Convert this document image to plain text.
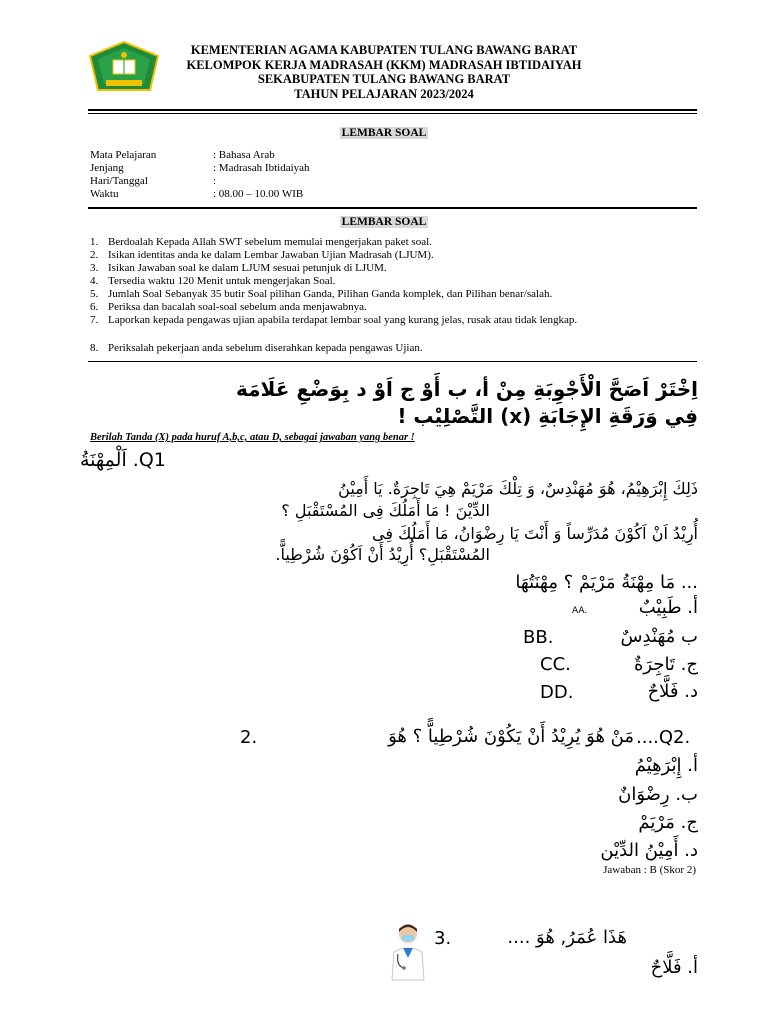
KEMENTERIAN AGAMA KABUPATEN TULANG BAWANG BARAT
KELOMPOK KERJA MADRASAH (KKM) MADRASAH IBTIDAIYAH
SEKABUPATEN TULANG BAWANG BARAT
TAHUN PELAJARAN 2023/2024
LEMBAR SOAL
Mata Pelajaran	: Bahasa Arab
Jenjang	: Madrasah Ibtidaiyah
Hari/Tanggal	:
Waktu	: 08.00 – 10.00 WIB
LEMBAR SOAL
1. Berdoalah Kepada Allah SWT sebelum memulai mengerjakan paket soal.
2. Isikan identitas anda ke dalam Lembar Jawaban Ujian Madrasah (LJUM).
3. Isikan Jawaban soal ke dalam LJUM sesuai petunjuk di LJUM.
4. Tersedia waktu 120 Menit untuk mengerjakan Soal.
5. Jumlah Soal Sebanyak 35 butir Soal pilihan Ganda, Pilihan Ganda komplek, dan Pilihan benar/salah.
6. Periksa dan bacalah soal-soal sebelum anda menjawabnya.
7. Laporkan kepada pengawas ujian apabila terdapat lembar soal yang kurang jelas, rusak atau tidak lengkap.
8. Periksalah pekerjaan anda sebelum diserahkan kepada pengawas Ujian.
اِخْتَرْ اَصَحَّ الْأَجْوِبَةِ مِنْ أ، ب أَوْ ج اَوْ د بِوَضْعِ عَلَامَة
فِي وَرَقَةِ الإِجَابَةِ (x) التَّصْلِيْب !
Berilah Tanda (X) pada huruf A,b,c, atau D, sebagai jawaban yang benar !
اَلْمِهْنَةُ .Q1
ذَلِكَ إِبْرَهِيْمُ، هُوَ مُهَنْدِسٌ، وَ تِلْكَ مَرْيَمْ هِيَ تَاجِرَةٌ. يَا أَمِيْنُ
الدِّيْنَ ! مَا أَمَلُكَ فِى المُسْتَقْبَلِ ؟
أُرِيْدُ اَنْ اَكُوْنَ مُدَرِّساً وَ أَنْتَ يَا رِضْوَانُ، مَا أَمَلُكَ فِى
المُسْتَقْبَلِ؟ أُرِيْدُ أَنْ اَكُوْنَ شُرْطِياًّ.
... مَا مِهْنَةُ مَرْيَمْ ؟ مِهْنَتُهَا
أ. طَبِيْبٌ
AA.
ب مُهَنْدِسٌ
BB.
ج. تَاجِرَةٌ
CC.
د. فَلَّاحٌ
DD.
2.	مَنْ هُوَ يُرِيْدُ أَنْ يَكُوْنَ شُرْطِياًّ ؟ هُوَ ....Q2.
أ. إِبْرَهِيْمُ
ب. رِضْوَانٌ
ج. مَرْيَمْ
د. أَمِيْنُ الدِّيْن
Jawaban : B (Skor 2)
3.	هَذَا عُمَرُ, هُوَ ....
أ. فَلَّاحٌ
